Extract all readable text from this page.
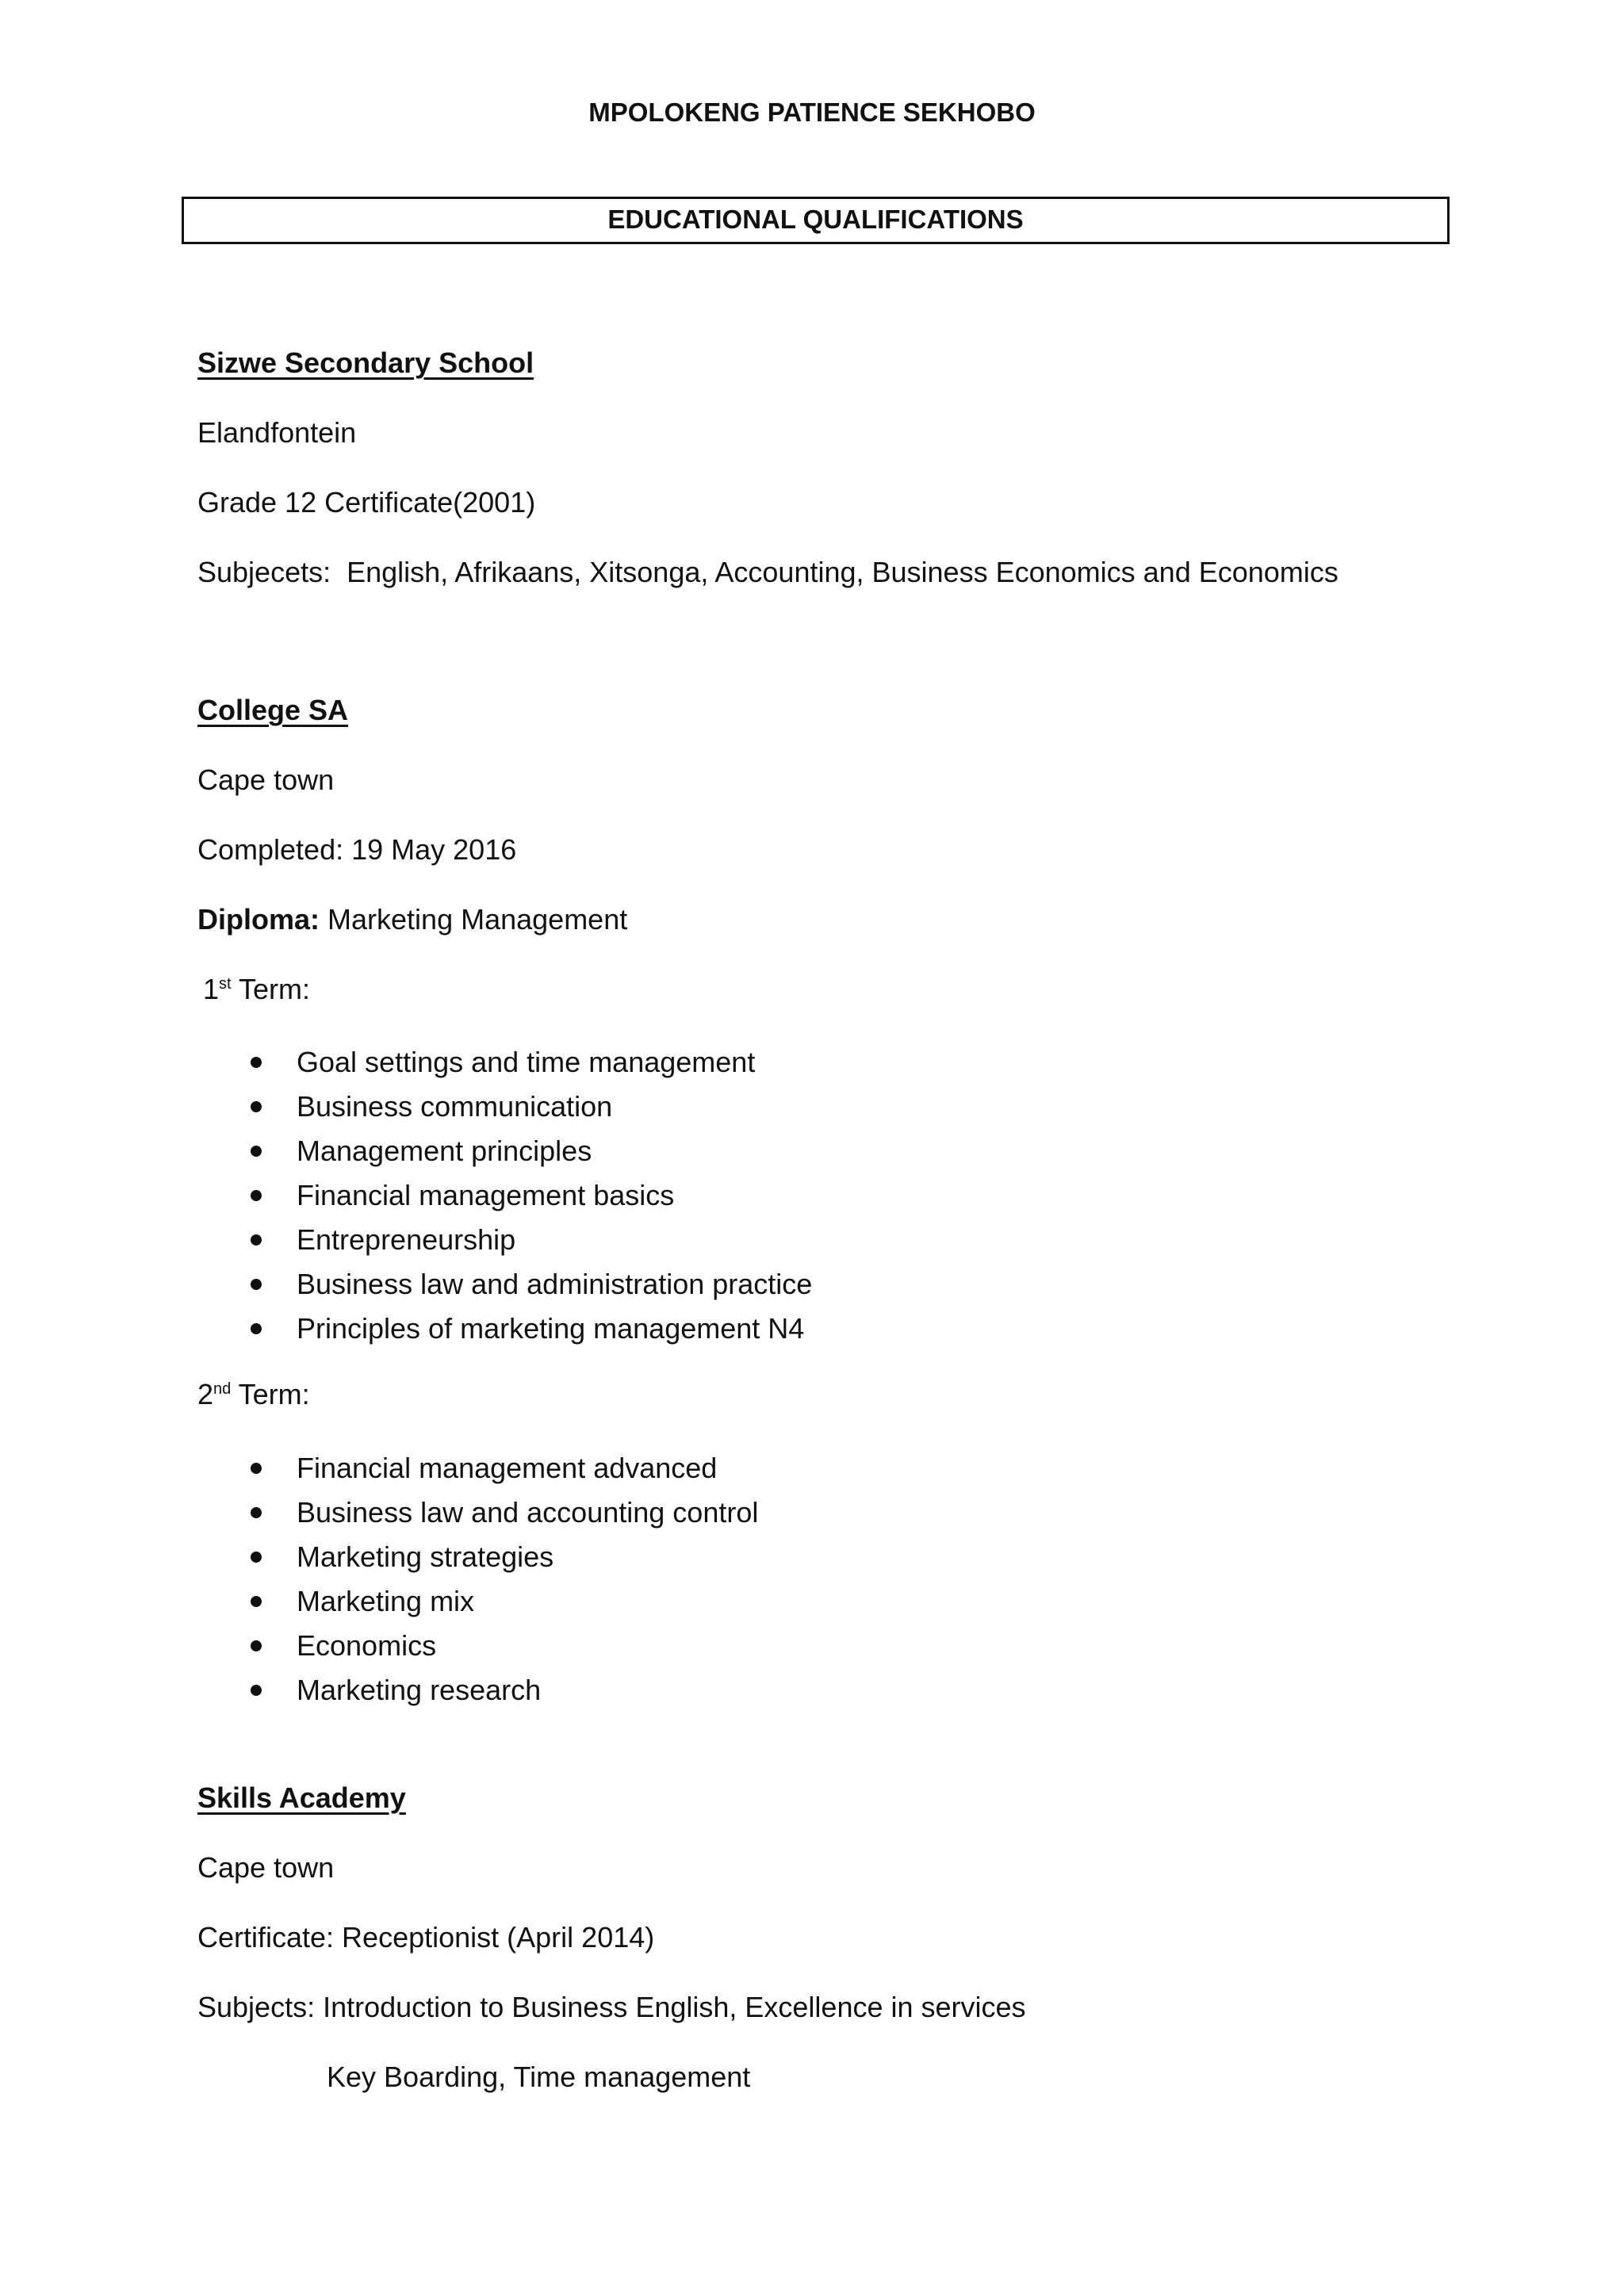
MPOLOKENG PATIENCE SEKHOBO
EDUCATIONAL QUALIFICATIONS
Sizwe Secondary School
Elandfontein
Grade 12 Certificate(2001)
Subjecets: English, Afrikaans, Xitsonga, Accounting, Business Economics and Economics
College SA
Cape town
Completed: 19 May 2016
Diploma: Marketing Management
1st Term:
Goal settings and time management
Business communication
Management principles
Financial management basics
Entrepreneurship
Business law and administration practice
Principles of marketing management N4
2nd Term:
Financial management advanced
Business law and accounting control
Marketing strategies
Marketing mix
Economics
Marketing research
Skills Academy
Cape town
Certificate: Receptionist (April 2014)
Subjects: Introduction to Business English, Excellence in services
Key Boarding, Time management
